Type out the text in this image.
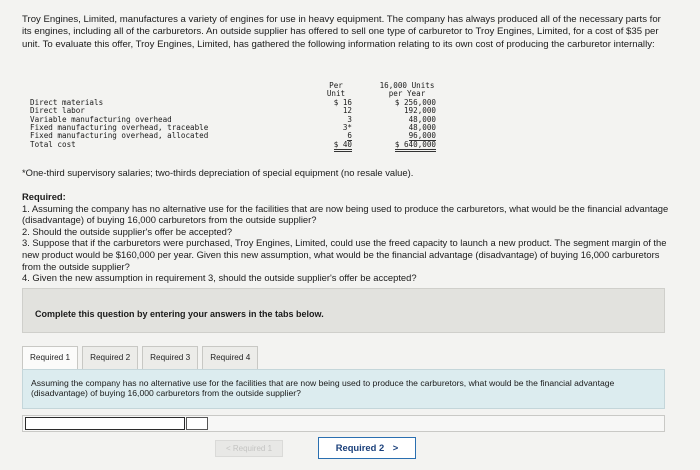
Troy Engines, Limited, manufactures a variety of engines for use in heavy equipment. The company has always produced all of the necessary parts for its engines, including all of the carburetors. An outside supplier has offered to sell one type of carburetor to Troy Engines, Limited, for a cost of $35 per unit. To evaluate this offer, Troy Engines, Limited, has gathered the following information relating to its own cost of producing the carburetor internally:
Per	16,000 Units
Unit	per Year
Direct materials	$ 16	$ 256,000
Direct labor	12	192,000
Variable manufacturing overhead	3	48,000
Fixed manufacturing overhead, traceable	3*	48,000
Fixed manufacturing overhead, allocated	6	96,000
Total cost	$ 40	$ 640,000
*One-third supervisory salaries; two-thirds depreciation of special equipment (no resale value).
Required:
1. Assuming the company has no alternative use for the facilities that are now being used to produce the carburetors, what would be the financial advantage (disadvantage) of buying 16,000 carburetors from the outside supplier?
2. Should the outside supplier's offer be accepted?
3. Suppose that if the carburetors were purchased, Troy Engines, Limited, could use the freed capacity to launch a new product. The segment margin of the new product would be $160,000 per year. Given this new assumption, what would be the financial advantage (disadvantage) of buying 16,000 carburetors from the outside supplier?
4. Given the new assumption in requirement 3, should the outside supplier's offer be accepted?
Complete this question by entering your answers in the tabs below.
Required 1	Required 2	Required 3	Required 4
Assuming the company has no alternative use for the facilities that are now being used to produce the carburetors, what would be the financial advantage (disadvantage) of buying 16,000 carburetors from the outside supplier?
< Required 1	Required 2 >
